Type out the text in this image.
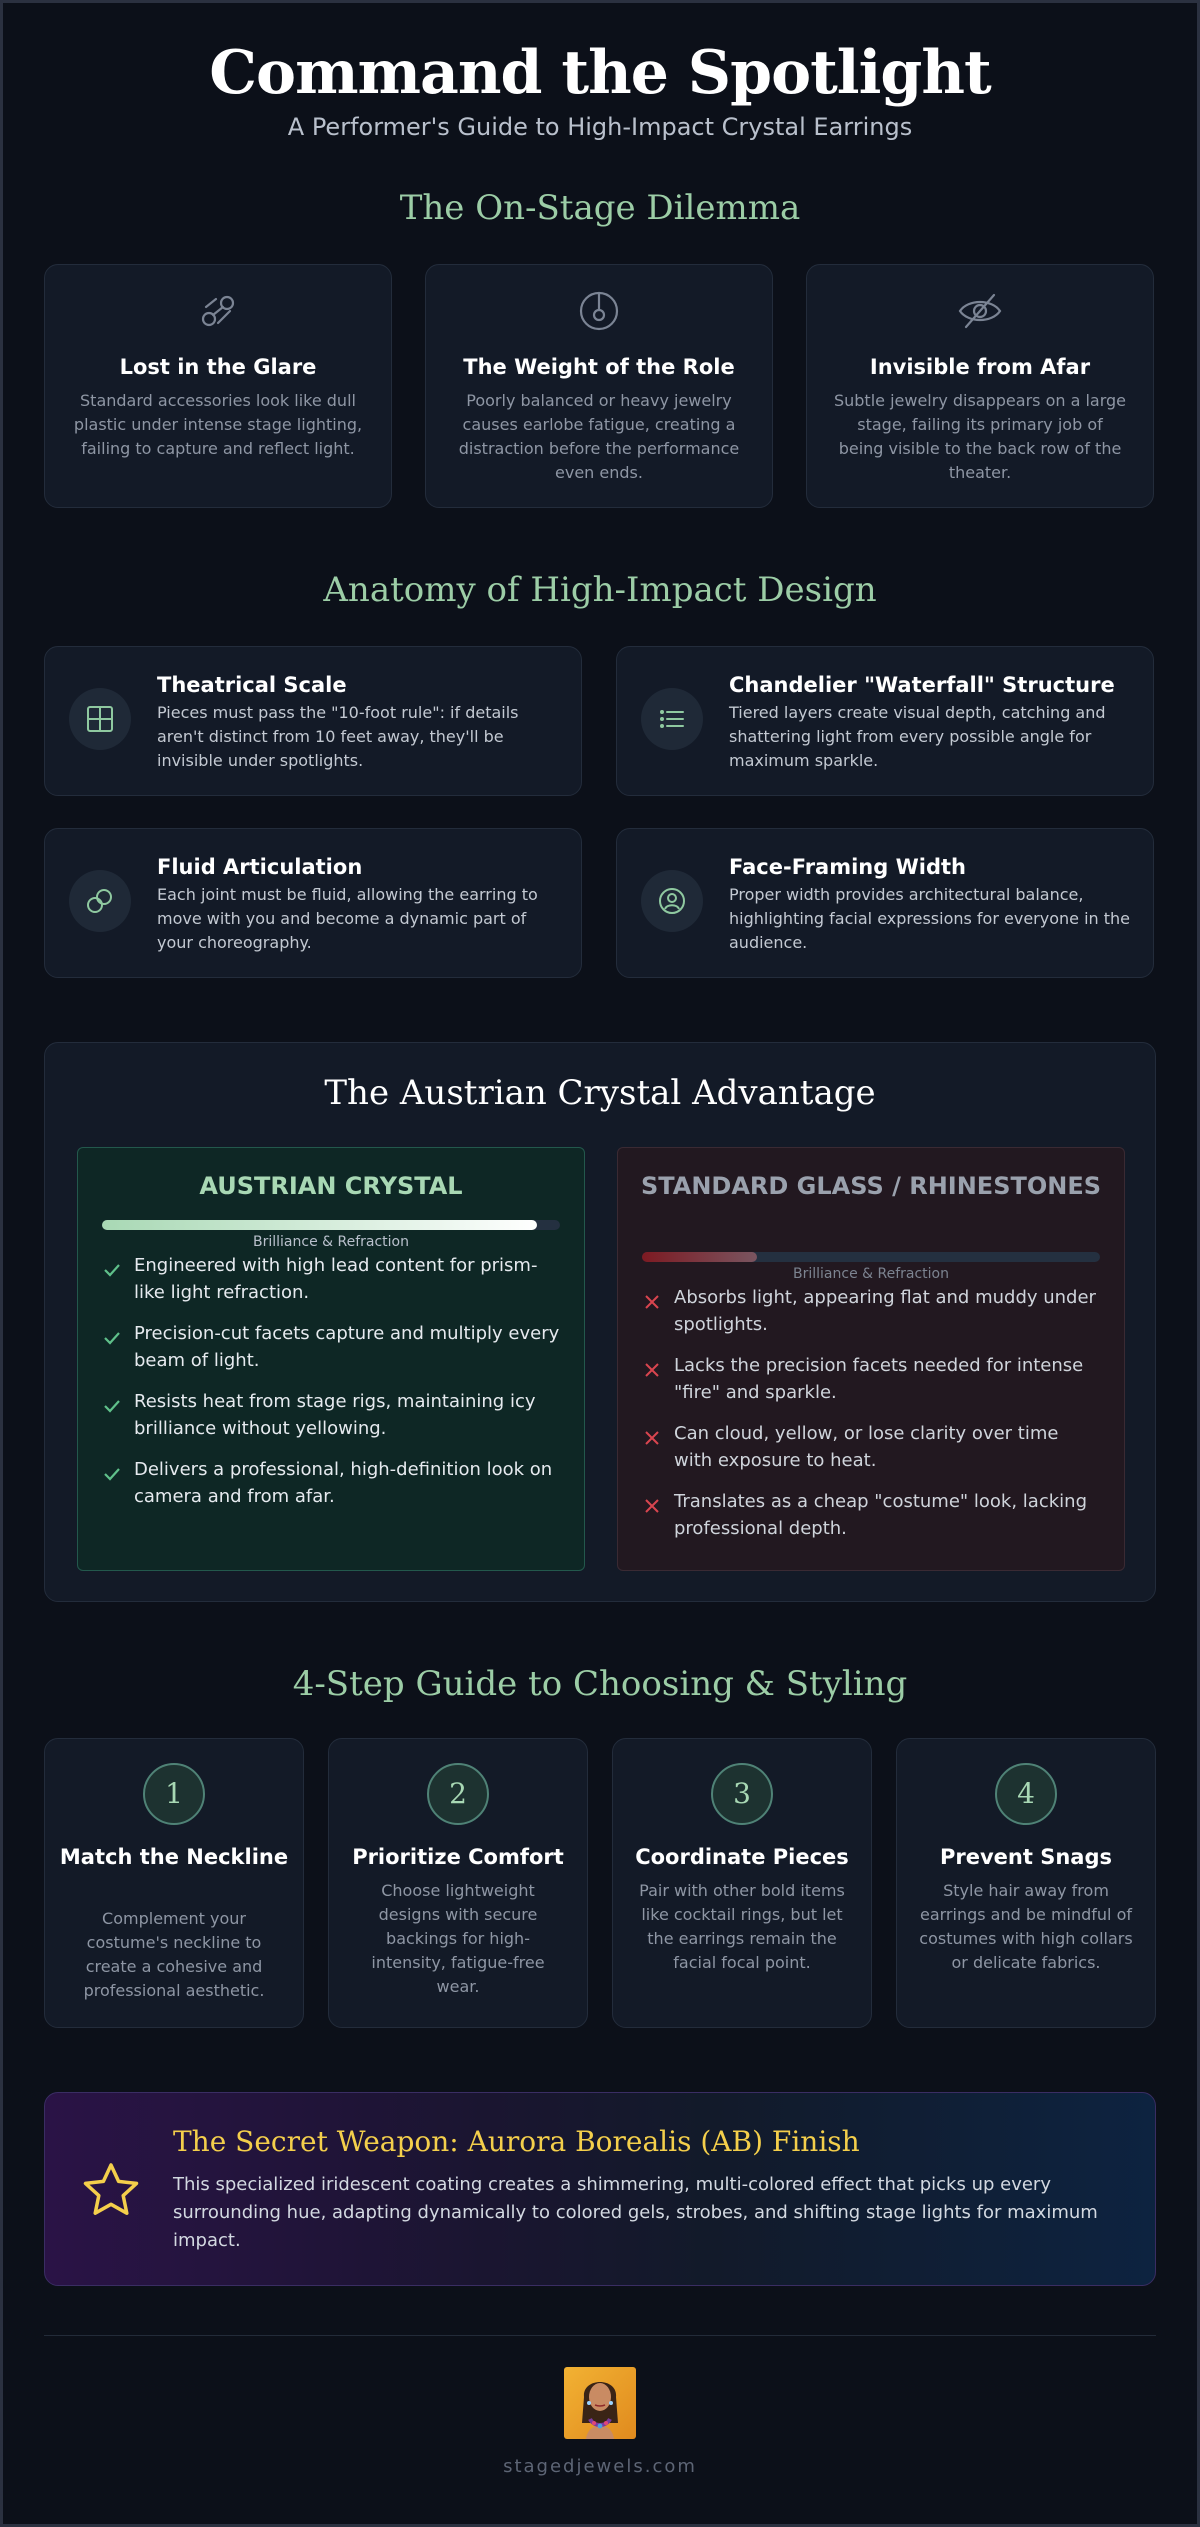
Command the Spotlight
A Performer's Guide to High-Impact Crystal Earrings
The On-Stage Dilemma
Lost in the Glare
Standard accessories look like dull plastic under intense stage lighting, failing to capture and reflect light.
The Weight of the Role
Poorly balanced or heavy jewelry causes earlobe fatigue, creating a distraction before the performance even ends.
Invisible from Afar
Subtle jewelry disappears on a large stage, failing its primary job of being visible to the back row of the theater.
Anatomy of High-Impact Design
Theatrical Scale
Pieces must pass the "10-foot rule": if details aren't distinct from 10 feet away, they'll be invisible under spotlights.
Chandelier "Waterfall" Structure
Tiered layers create visual depth, catching and shattering light from every possible angle for maximum sparkle.
Fluid Articulation
Each joint must be fluid, allowing the earring to move with you and become a dynamic part of your choreography.
Face-Framing Width
Proper width provides architectural balance, highlighting facial expressions for everyone in the audience.
The Austrian Crystal Advantage
AUSTRIAN CRYSTAL
Brilliance & Refraction
Engineered with high lead content for prism-like light refraction.
Precision-cut facets capture and multiply every beam of light.
Resists heat from stage rigs, maintaining icy brilliance without yellowing.
Delivers a professional, high-definition look on camera and from afar.
STANDARD GLASS / RHINESTONES
Brilliance & Refraction
Absorbs light, appearing flat and muddy under spotlights.
Lacks the precision facets needed for intense "fire" and sparkle.
Can cloud, yellow, or lose clarity over time with exposure to heat.
Translates as a cheap "costume" look, lacking professional depth.
4-Step Guide to Choosing & Styling
1
Match the Neckline
Complement your costume's neckline to create a cohesive and professional aesthetic.
2
Prioritize Comfort
Choose lightweight designs with secure backings for high-intensity, fatigue-free wear.
3
Coordinate Pieces
Pair with other bold items like cocktail rings, but let the earrings remain the facial focal point.
4
Prevent Snags
Style hair away from earrings and be mindful of costumes with high collars or delicate fabrics.
The Secret Weapon: Aurora Borealis (AB) Finish
This specialized iridescent coating creates a shimmering, multi-colored effect that picks up every surrounding hue, adapting dynamically to colored gels, strobes, and shifting stage lights for maximum impact.
stagedjewels.com
